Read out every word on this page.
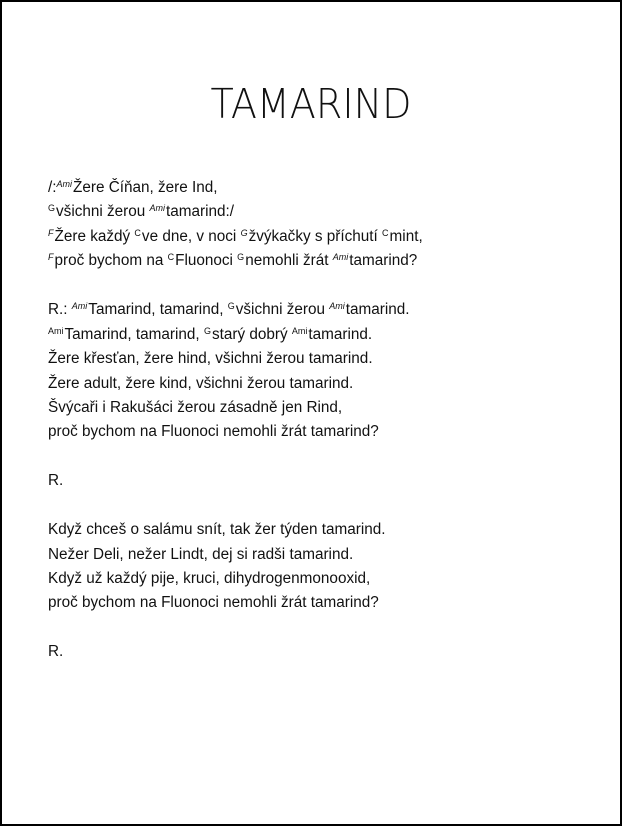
TAMARIND
/:$^{Ami}$Žere Číňan, žere Ind,
$^G$všichni žerou $^{Ami}$tamarind:/
$^F$Žere každý $^C$ve dne, v noci $^G$žvýkačky s příchutí $^C$mint,
$^F$proč bychom na $^C$Fluonoci $^G$nemohli žrát $^{Ami}$tamarind?
R.: $^{Ami}$Tamarind, tamarind, $^G$všichni žerou $^{Ami}$tamarind.
$^{Ami}$Tamarind, tamarind, $^G$starý dobrý $^{Ami}$tamarind.
Žere křesťan, žere hind, všichni žerou tamarind.
Žere adult, žere kind, všichni žerou tamarind.
Švýcaři i Rakušáci žerou zásadně jen Rind,
proč bychom na Fluonoci nemohli žrát tamarind?
R.
Když chceš o salámu snít, tak žer týden tamarind.
Nežer Deli, nežer Lindt, dej si radši tamarind.
Když už každý pije, kruci, dihydrogenmonooxid,
proč bychom na Fluonoci nemohli žrát tamarind?
R.
